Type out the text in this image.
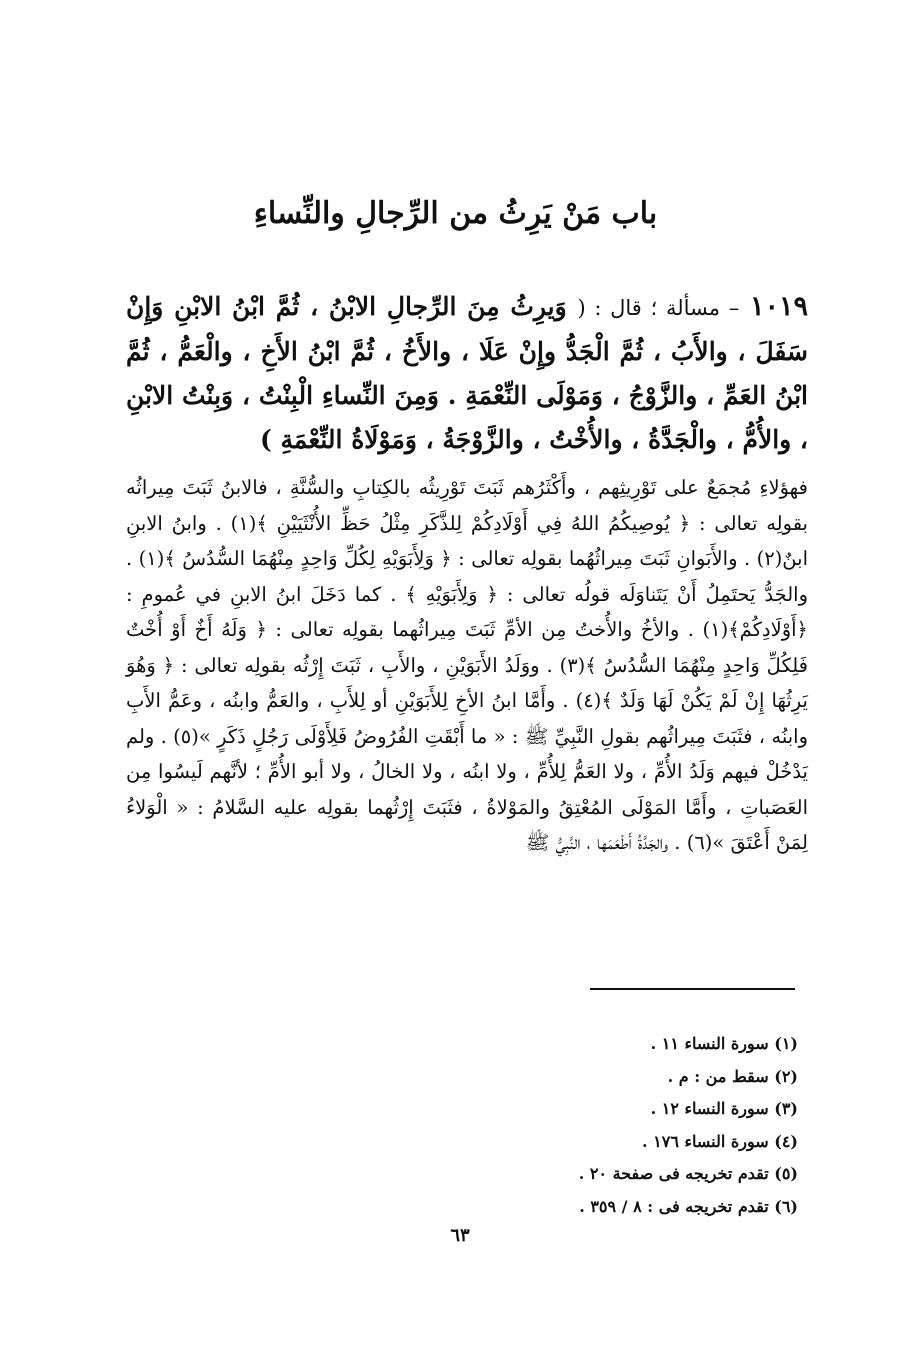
باب مَنْ يَرِثُ من الرِّجالِ والنِّساءِ
١٠١٩ – مسألة ؛ قال : ( وَيرِثُ مِنَ الرِّجالِ الابْنُ ، ثُمَّ ابْنُ الابْنِ وَإِنْ سَفَلَ ، والأَبُ ، ثُمَّ الْجَدُّ وإِنْ عَلَا ، والأَخُ ، ثُمَّ ابْنُ الأَخِ ، والْعَمُّ ، ثُمَّ ابْنُ العَمِّ ، والزَّوْجُ ، وَمَوْلَى النِّعْمَةِ . وَمِنَ النِّساءِ الْبِنْتُ ، وَبِنْتُ الابْنِ ، والأُمُّ ، والْجَدَّةُ ، والأُخْتُ ، والزَّوْجَةُ ، وَمَوْلَاةُ النِّعْمَةِ )

فهؤلاءِ مُجمَعٌ على تَوْرِيثِهم ، وأَكْثَرُهم ثَبَتَ تَوْرِيثُه بالكِتابِ والسُّنَّةِ ، فالابنُ ثَبَتَ مِيراثُه بقولِه تعالى : ﴿ يُوصِيكُمُ اللهُ فِي أَوْلَادِكُمْ لِلذَّكَرِ مِثْلُ حَظِّ الأُنْثَيَيْنِ ﴾(١) . وابنُ الابنِ ابنٌ(٢) . والأَبَوانِ ثَبَتَ مِيراثُهُما بقولِه تعالى : ﴿ وَلِأَبَوَيْهِ لِكُلِّ وَاحِدٍ مِنْهُمَا السُّدُسُ ﴾(١) . والجَدُّ يَحتَمِلُ أَنْ يَتَناوَلَه قولُه تعالى : ﴿ وَلِأَبَوَيْهِ ﴾ . كما دَخَلَ ابنُ الابنِ في عُمومِ : ﴿أَوْلَادِكُمْ﴾(١) . والأخُ والأُختُ مِن الأمِّ ثَبَتَ مِيراثُهما بقولِه تعالى : ﴿ وَلَهُ أَخٌ أَوْ أُخْتٌ فَلِكُلِّ وَاحِدٍ مِنْهُمَا السُّدُسُ ﴾(٣) . ووَلَدُ الأَبَوَيْنِ ، والأَبِ ، ثَبَتَ إِرْثُه بقولِه تعالى : ﴿ وَهُوَ يَرِثُهَا إِنْ لَمْ يَكُنْ لَهَا وَلَدٌ ﴾(٤) . وأَمَّا ابنُ الأخِ لِلأَبَوَيْنِ أو لِلأَبِ ، والعَمُّ وابنُه ، وعَمُّ الأَبِ وابنُه ، فثَبَتَ مِيراثُهم بقولِ النَّبِيِّ ﷺ : « ما أَبْقَتِ الفُرُوضُ فَلِأَوْلَى رَجُلٍ ذَكَرٍ »(٥) . ولم يَدْخُلْ فيهم وَلَدُ الأُمِّ ، ولا العَمُّ لِلأُمِّ ، ولا ابنُه ، ولا الخالُ ، ولا أبو الأُمِّ ؛ لأنَّهم لَيسُوا مِن العَصَباتِ ، وأَمَّا المَوْلَى المُعْتِقُ والمَوْلاةُ ، فثَبَتَ إِرْثُهما بقولِه عليه السَّلامُ : « الْوَلاءُ لِمَنْ أَعْتَقَ »(٦) . والجَدَّةُ أَطْعَمَها ، النَّبِيُّ ﷺ

(١) سورة النساء ١١ .
(٢) سقط من : م .
(٣) سورة النساء ١٢ .
(٤) سورة النساء ١٧٦ .
(٥) تقدم تخريجه فى صفحة ٢٠ .
(٦) تقدم تخريجه فى : ٨ / ٣٥٩ .
٦٣
